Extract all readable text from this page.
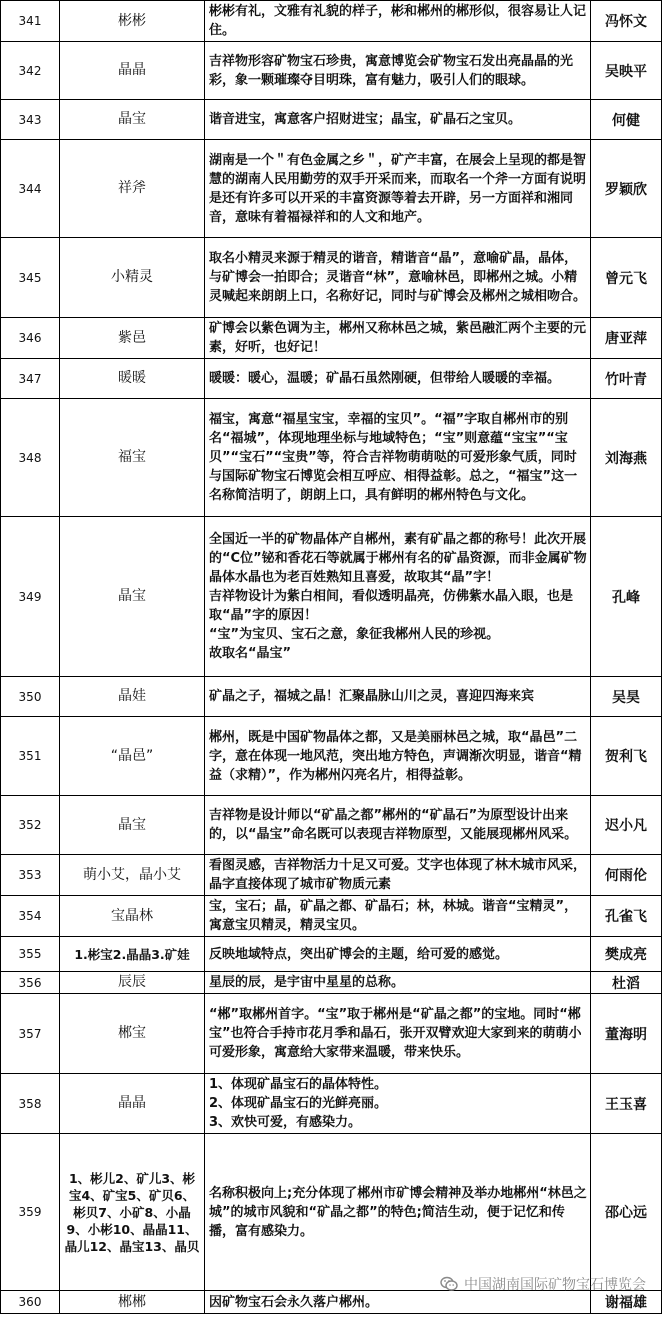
341	彬彬	彬彬有礼，文雅有礼貌的样子，彬和郴州的郴形似，很容易让人记住。	冯怀文
342	晶晶	吉祥物形容矿物宝石珍贵，寓意博览会矿物宝石发出亮晶晶的光彩，象一颗璀璨夺目明珠，富有魅力，吸引人们的眼球。	吴映平
343	晶宝	谐音进宝，寓意客户招财进宝；晶宝，矿晶石之宝贝。	何健
344	祥斧	湖南是一个＂有色金属之乡＂，矿产丰富，在展会上呈现的都是智慧的湖南人民用勤劳的双手开采而来，而取名一个斧一方面有说明是还有许多可以开采的丰富资源等着去开辟，另一方面祥和湘同音，意味有着福禄祥和的人文和地产。	罗颖欣
345	小精灵	取名小精灵来源于精灵的谐音，精谐音“晶”，意喻矿晶，晶体，与矿博会一拍即合；灵谐音“林”，意喻林邑，即郴州之城。小精灵喊起来朗朗上口，名称好记，同时与矿博会及郴州之城相吻合。	曾元飞
346	紫邑	矿博会以紫色调为主，郴州又称林邑之城，紫邑融汇两个主要的元素，好听，也好记！	唐亚萍
347	暖暖	暖暖：暖心，温暖；矿晶石虽然刚硬，但带给人暖暖的幸福。	竹叶青
348	福宝	福宝，寓意“福星宝宝，幸福的宝贝”。“福”字取自郴州市的别名“福城”，体现地理坐标与地域特色；“宝”则意蕴“宝宝”“宝贝”“宝石”“宝贵”等，符合吉祥物萌萌哒的可爱形象气质，同时与国际矿物宝石博览会相互呼应、相得益彰。总之，“福宝”这一名称简洁明了，朗朗上口，具有鲜明的郴州特色与文化。	刘海燕
349	晶宝	全国近一半的矿物晶体产自郴州，素有矿晶之都的称号！此次开展的“C位”铋和香花石等就属于郴州有名的矿晶资源，而非金属矿物晶体水晶也为老百姓熟知且喜爱，故取其“晶”字！

吉祥物设计为紫白相间，看似透明晶亮，仿佛紫水晶入眼，也是取“晶”字的原因！

“宝”为宝贝、宝石之意，象征我郴州人民的珍视。

故取名“晶宝”	孔峰
350	晶娃	矿晶之子，福城之晶！汇聚晶脉山川之灵，喜迎四海来宾	吴昊
351	“晶邑”	郴州，既是中国矿物晶体之都，又是美丽林邑之城，取“晶邑”二字，意在体现一地风范，突出地方特色，声调渐次明显，谐音“精益（求精）”，作为郴州闪亮名片，相得益彰。	贺利飞
352	晶宝	吉祥物是设计师以“矿晶之都”郴州的“矿晶石”为原型设计出来的，以“晶宝”命名既可以表现吉祥物原型，又能展现郴州风采。	迟小凡
353	萌小艾，晶小艾	看图灵感，吉祥物活力十足又可爱。艾字也体现了林木城市风采，晶字直接体现了城市矿物质元素	何雨伦
354	宝晶林	宝，宝石；晶，矿晶之都、矿晶石；林，林城。谐音“宝精灵”，寓意宝贝精灵，精灵宝贝。	孔雀飞
355	1.彬宝2.晶晶3.矿娃	反映地域特点，突出矿博会的主题，给可爱的感觉。	樊成亮
356	辰辰	星辰的辰，是宇宙中星星的总称。	杜滔
357	郴宝	“郴”取郴州首字。“宝”取于郴州是“矿晶之都”的宝地。同时“郴宝”也符合手持市花月季和晶石，张开双臂欢迎大家到来的萌萌小可爱形象，寓意给大家带来温暖，带来快乐。	董海明
358	晶晶	1、体现矿晶宝石的晶体特性。

2、体现矿晶宝石的光鲜亮丽。

3、欢快可爱，有感染力。	王玉喜
359	1、彬儿2、矿儿3、彬宝4、矿宝5、矿贝6、彬贝7、小矿8、小晶9、小彬10、晶晶11、晶儿12、晶宝13、晶贝	名称积极向上;充分体现了郴州市矿博会精神及举办地郴州“林邑之城”的城市风貌和“矿晶之都”的特色;简洁生动，便于记忆和传播，富有感染力。	邵心远
360	郴郴	因矿物宝石会永久落户郴州。	谢福雄
中国湖南国际矿物宝石博览会
